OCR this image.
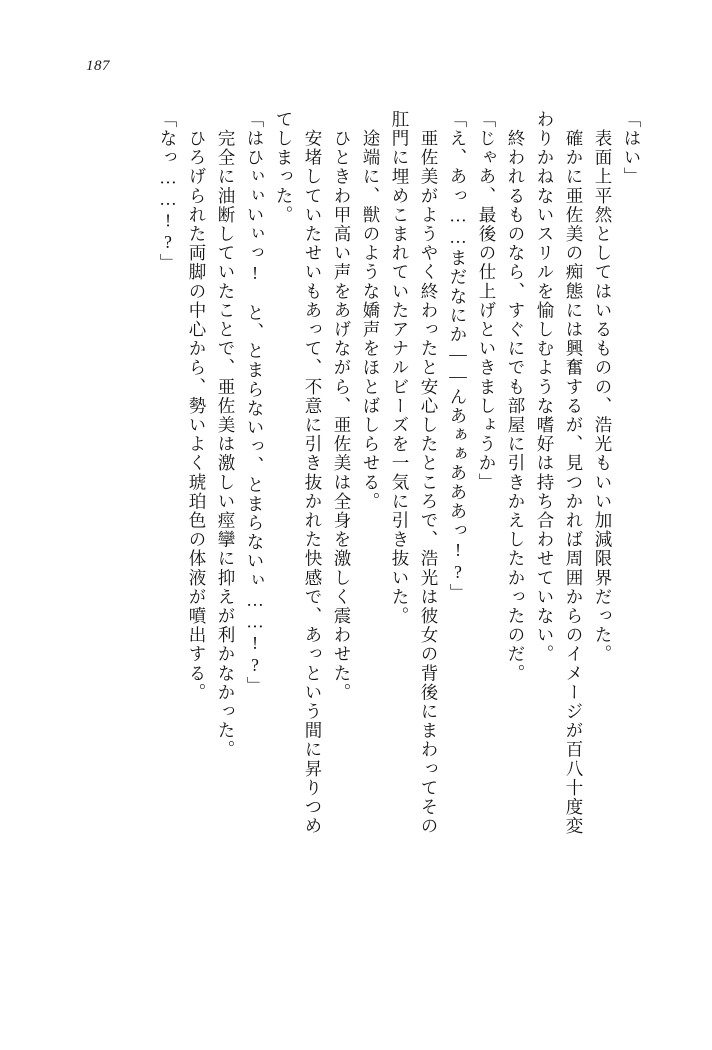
187
「はい」
　表面上平然としてはいるものの、浩光もいい加減限界だった。
　確かに亜佐美の痴態には興奮するが、見つかれば周囲からのイメージが百八十度変
わりかねないスリルを愉しむような嗜好は持ち合わせていない。
　終われるものなら、すぐにでも部屋に引きかえしたかったのだ。
「じゃあ、最後の仕上げといきましょうか」
「え、あっ……まだなにか——んあぁぁあああっ!?」
　亜佐美がようやく終わったと安心したところで、浩光は彼女の背後にまわってその
肛門に埋めこまれていたアナルビーズを一気に引き抜いた。
　途端に、獣のような嬌声をほとばしらせる。
　ひときわ甲高い声をあげながら、亜佐美は全身を激しく震わせた。
　安堵していたせいもあって、不意に引き抜かれた快感で、あっという間に昇りつめ
てしまった。
「はひぃぃいぃっ!　と、とまらないっ、とまらないぃ……!?」
　完全に油断していたことで、亜佐美は激しい痙攣に抑えが利かなかった。
　ひろげられた両脚の中心から、勢いよく琥珀色の体液が噴出する。
「なっ……!?」
